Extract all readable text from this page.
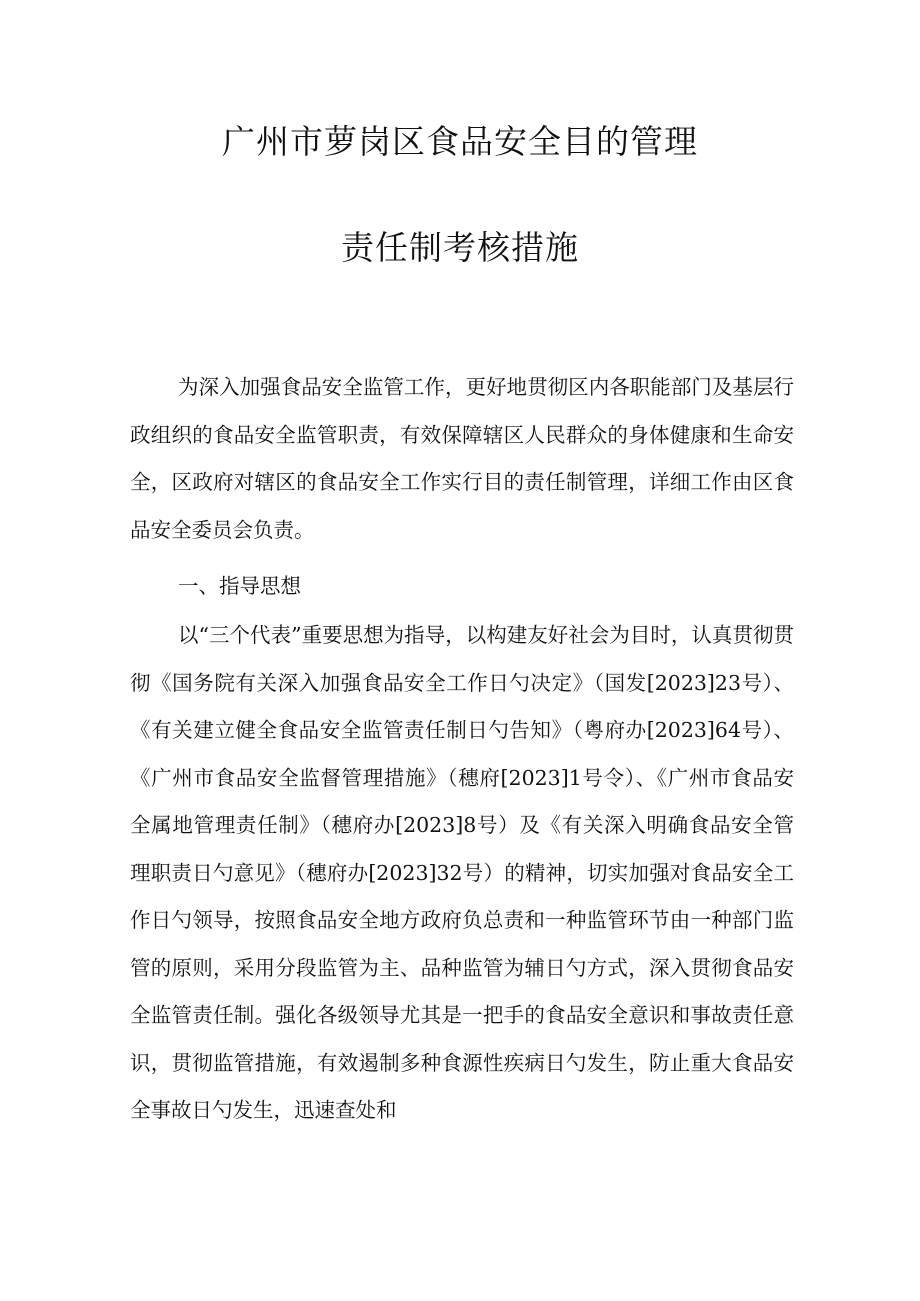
广州市萝岗区食品安全目的管理
责任制考核措施

为深入加强食品安全监管工作，更好地贯彻区内各职能部门及基层行政组织的食品安全监管职责，有效保障辖区人民群众的身体健康和生命安全，区政府对辖区的食品安全工作实行目的责任制管理，详细工作由区食品安全委员会负责。

一、指导思想

以“三个代表”重要思想为指导，以构建友好社会为目时，认真贯彻贯彻《国务院有关深入加强食品安全工作日勺决定》（国发[2023]23号）、《有关建立健全食品安全监管责任制日勺告知》（粤府办[2023]64号）、《广州市食品安全监督管理措施》（穗府[2023]1号令）、《广州市食品安全属地管理责任制》（穗府办[2023]8号）及《有关深入明确食品安全管理职责日勺意见》（穗府办[2023]32号）的精神，切实加强对食品安全工作日勺领导，按照食品安全地方政府负总责和一种监管环节由一种部门监管的原则，采用分段监管为主、品种监管为辅日勺方式，深入贯彻食品安全监管责任制。强化各级领导尤其是一把手的食品安全意识和事故责任意识，贯彻监管措施，有效遏制多种食源性疾病日勺发生，防止重大食品安全事故日勺发生，迅速查处和
